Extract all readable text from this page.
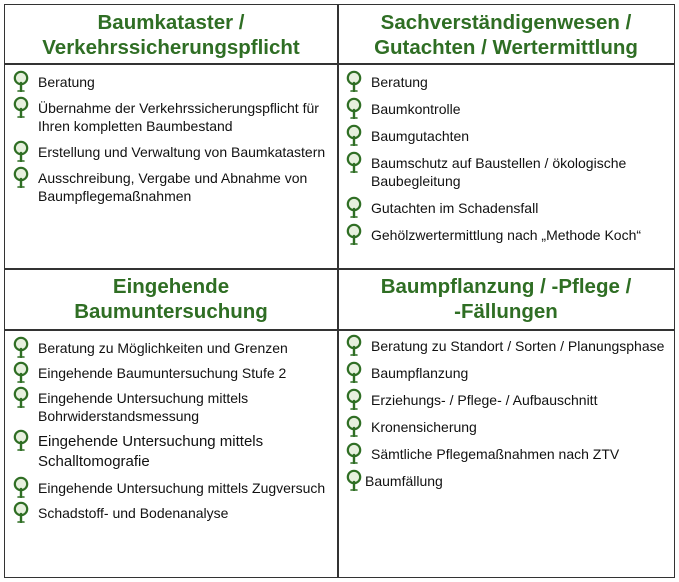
Baumkataster /
Verkehrssicherungspflicht
Beratung
Übernahme der Verkehrssicherungspflicht für Ihren kompletten Baumbestand
Erstellung und Verwaltung von Baumkatastern
Ausschreibung, Vergabe und Abnahme von Baumpflegemaßnahmen
Sachverständigenwesen /
Gutachten / Wertermittlung
Beratung
Baumkontrolle
Baumgutachten
Baumschutz auf Baustellen / ökologische Baubegleitung
Gutachten im Schadensfall
Gehölzwertermittlung nach „Methode Koch“
Eingehende
Baumuntersuchung
Beratung zu Möglichkeiten und Grenzen
Eingehende Baumuntersuchung Stufe 2
Eingehende Untersuchung mittels Bohrwiderstandsmessung
Eingehende Untersuchung mittels Schalltomografie
Eingehende Untersuchung mittels Zugversuch
Schadstoff- und Bodenanalyse
Baumpflanzung / -Pflege /
-Fällungen
Beratung zu Standort / Sorten / Planungsphase
Baumpflanzung
Erziehungs- / Pflege- / Aufbauschnitt
Kronensicherung
Sämtliche Pflegemaßnahmen nach ZTV
Baumfällung
